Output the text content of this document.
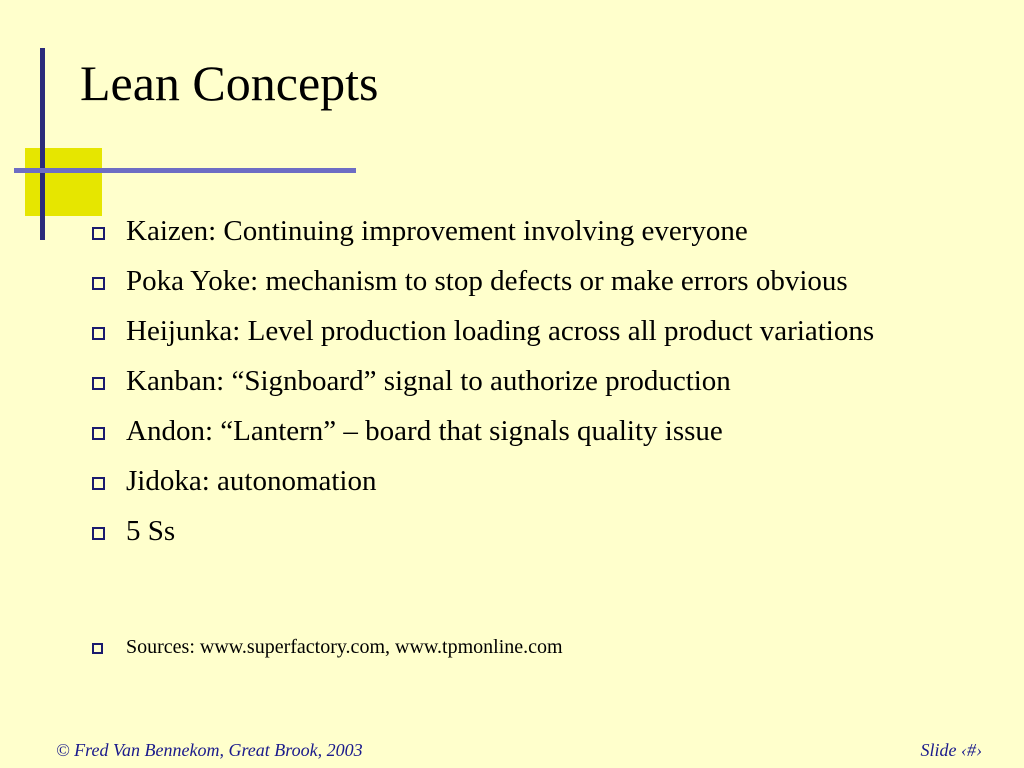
Lean Concepts
Kaizen: Continuing improvement involving everyone
Poka Yoke: mechanism to stop defects or make errors obvious
Heijunka: Level production loading across all product variations
Kanban: “Signboard” signal to authorize production
Andon: “Lantern” – board that signals quality issue
Jidoka: autonomation
5 Ss
Sources: www.superfactory.com, www.tpmonline.com
© Fred Van Bennekom, Great Brook, 2003	Slide ‹#›
